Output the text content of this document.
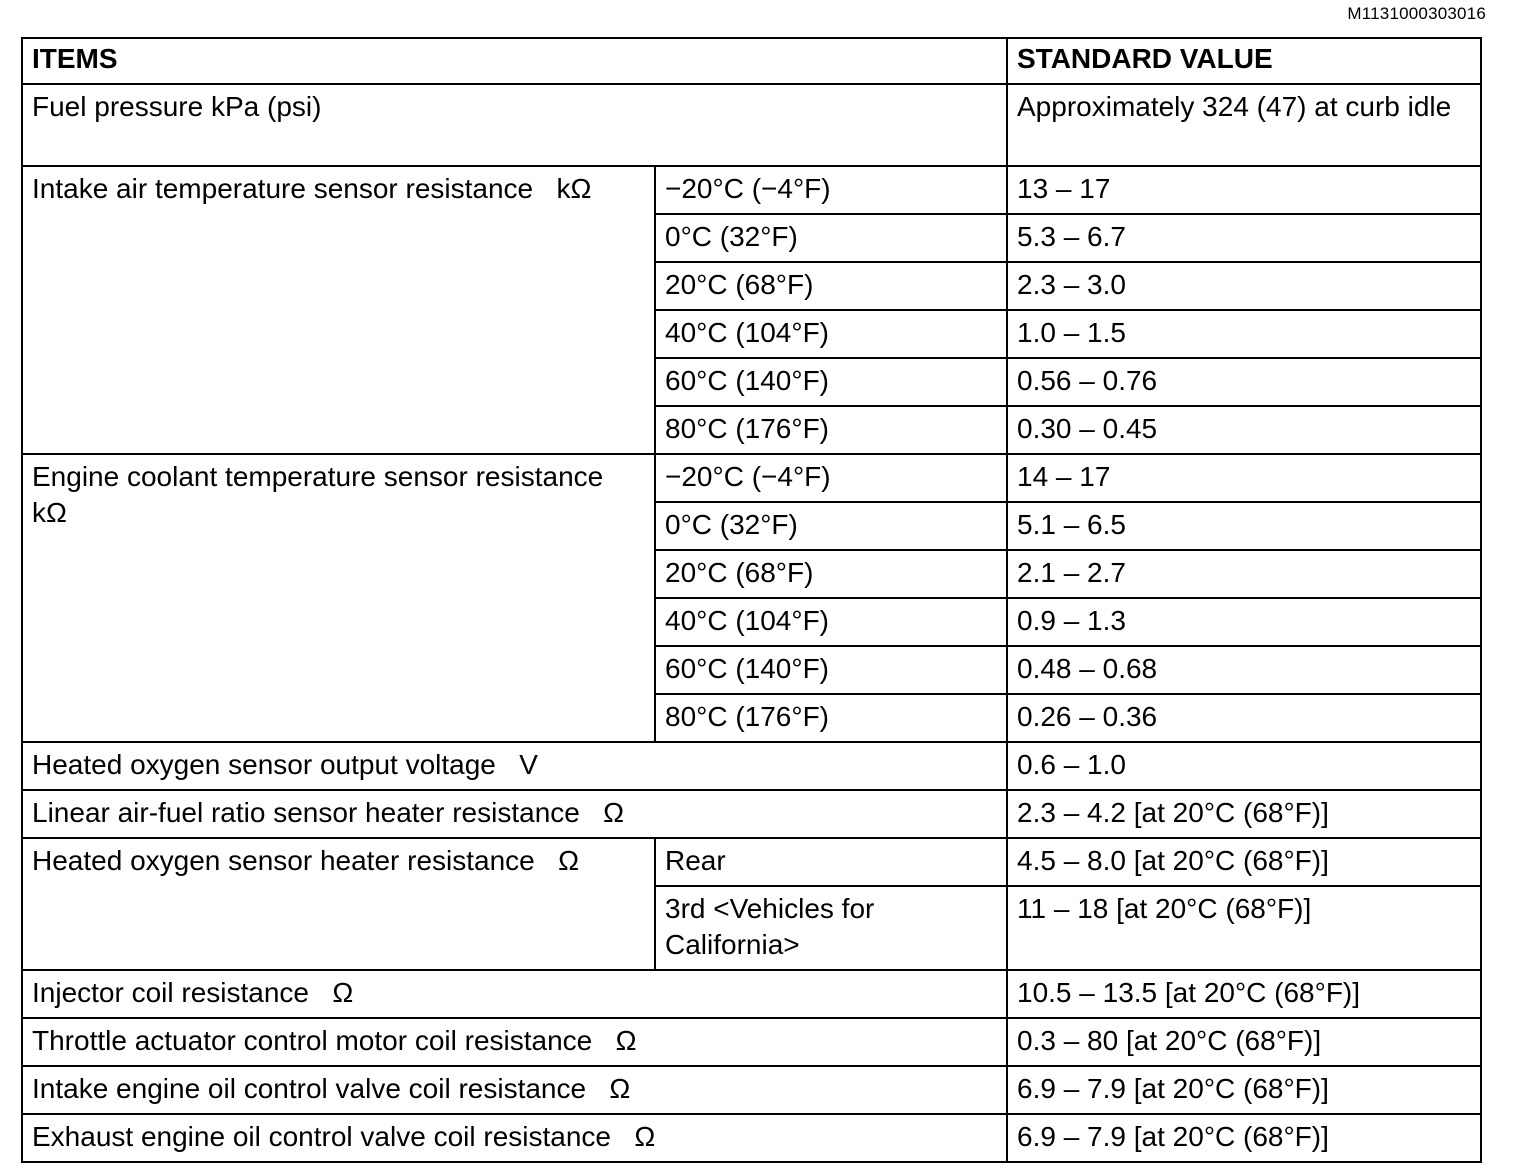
M1131000303016
ITEMS		STANDARD VALUE
Fuel pressure kPa (psi)		Approximately 324 (47) at curb idle
Intake air temperature sensor resistance   kΩ	−20°C (−4°F)	13 – 17
	0°C (32°F)	5.3 – 6.7
	20°C (68°F)	2.3 – 3.0
	40°C (104°F)	1.0 – 1.5
	60°C (140°F)	0.56 – 0.76
	80°C (176°F)	0.30 – 0.45
Engine coolant temperature sensor resistance   kΩ	−20°C (−4°F)	14 – 17
	0°C (32°F)	5.1 – 6.5
	20°C (68°F)	2.1 – 2.7
	40°C (104°F)	0.9 – 1.3
	60°C (140°F)	0.48 – 0.68
	80°C (176°F)	0.26 – 0.36
Heated oxygen sensor output voltage   V		0.6 – 1.0
Linear air-fuel ratio sensor heater resistance   Ω		2.3 – 4.2 [at 20°C (68°F)]
Heated oxygen sensor heater resistance   Ω	Rear	4.5 – 8.0 [at 20°C (68°F)]
	3rd <Vehicles for California>	11 – 18 [at 20°C (68°F)]
Injector coil resistance   Ω		10.5 – 13.5 [at 20°C (68°F)]
Throttle actuator control motor coil resistance   Ω		0.3 – 80 [at 20°C (68°F)]
Intake engine oil control valve coil resistance   Ω		6.9 – 7.9 [at 20°C (68°F)]
Exhaust engine oil control valve coil resistance   Ω		6.9 – 7.9 [at 20°C (68°F)]
